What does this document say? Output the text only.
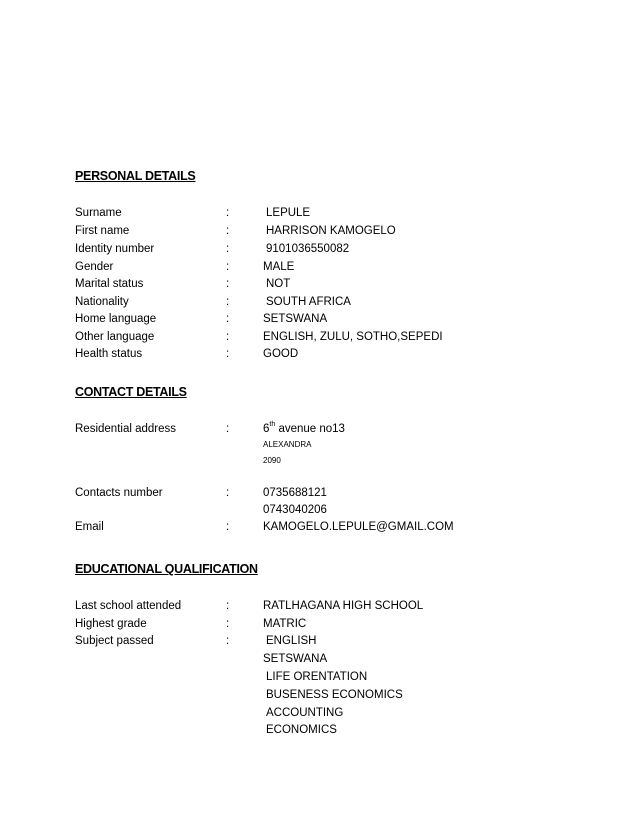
PERSONAL DETAILS
Surname	:	LEPULE
First name	:	HARRISON KAMOGELO
Identity number	:	9101036550082
Gender	:	MALE
Marital status	:	NOT
Nationality	:	SOUTH AFRICA
Home language	:	SETSWANA
Other language	:	ENGLISH, ZULU, SOTHO,SEPEDI
Health status	:	GOOD
CONTACT DETAILS
Residential address	:	6th avenue no13
ALEXANDRA
2090
Contacts number	:	0735688121
0743040206
Email	:	KAMOGELO.LEPULE@GMAIL.COM
EDUCATIONAL QUALIFICATION
Last school attended	:	RATLHAGANA HIGH SCHOOL
Highest grade	:	MATRIC
Subject passed	:	ENGLISH
SETSWANA
LIFE ORENTATION
BUSENESS ECONOMICS
ACCOUNTING
ECONOMICS
